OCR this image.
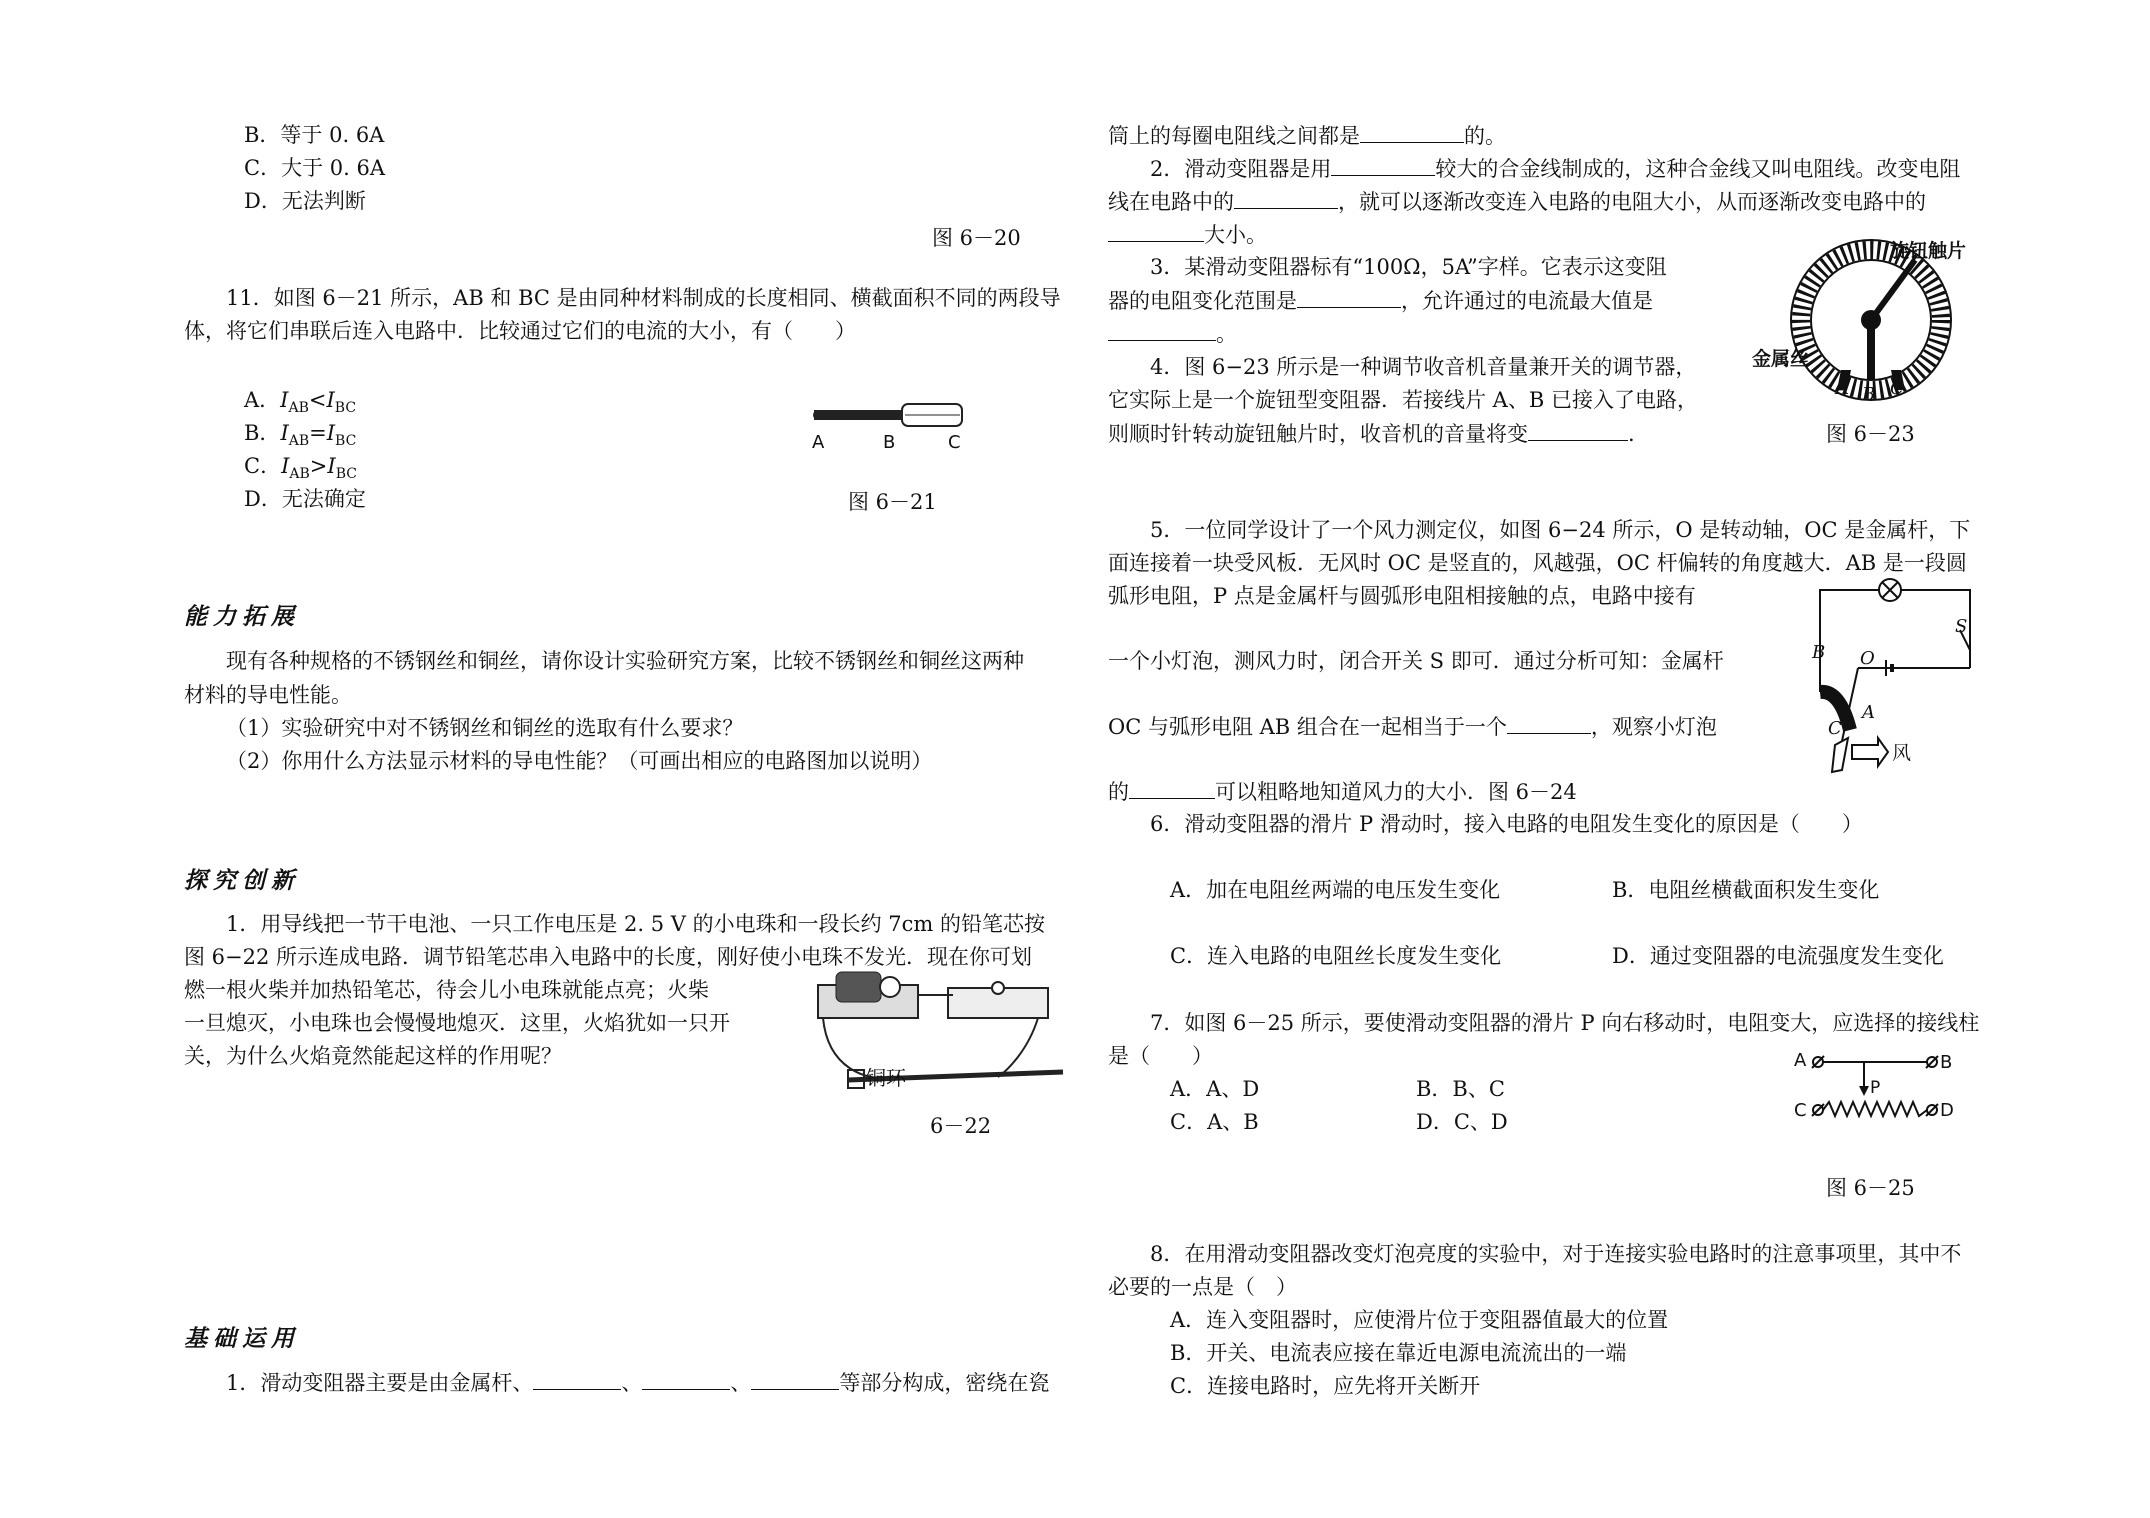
B．等于 0. 6A
C．大于 0. 6A
D．无法判断
图 6－20
11．如图 6－21 所示，AB 和 BC 是由同种材料制成的长度相同、横截面积不同的两段导
体，将它们串联后连入电路中．比较通过它们的电流的大小，有（　　）
A．$I_{AB}<I_{BC}$
B．$I_{AB}=I_{BC}$
C．$I_{AB}>I_{BC}$
D．无法确定
A	B	C
图 6－21
能力拓展
现有各种规格的不锈钢丝和铜丝，请你设计实验研究方案，比较不锈钢丝和铜丝这两种
材料的导电性能。
（1）实验研究中对不锈钢丝和铜丝的选取有什么要求？
（2）你用什么方法显示材料的导电性能？（可画出相应的电路图加以说明）
探究创新
1．用导线把一节干电池、一只工作电压是 2. 5 V 的小电珠和一段长约 7cm 的铅笔芯按
图 6−22 所示连成电路．调节铅笔芯串入电路中的长度，刚好使小电珠不发光．现在你可划
燃一根火柴并加热铅笔芯，待会儿小电珠就能点亮；火柴
一旦熄灭，小电珠也会慢慢地熄灭．这里，火焰犹如一只开
关，为什么火焰竟然能起这样的作用呢？
铜环
6－22
基础运用
1．滑动变阻器主要是由金属杆、	、	、	等部分构成，密绕在瓷
筒上的每圈电阻线之间都是	的。
2．滑动变阻器是用	较大的合金线制成的，这种合金线又叫电阻线。改变电阻
线在电路中的	，就可以逐渐改变连入电路的电阻大小，从而逐渐改变电路中的
大小。
3．某滑动变阻器标有“100Ω，5A”字样。它表示这变阻
器的电阻变化范围是	，允许通过的电流最大值是
。
4．图 6−23 所示是一种调节收音机音量兼开关的调节器，
它实际上是一个旋钮型变阻器．若接线片 A、B 已接入了电路，
则顺时针转动旋钮触片时，收音机的音量将变	.
旋钮触片
金属丝
A B C
图 6－23
5．一位同学设计了一个风力测定仪，如图 6−24 所示，O 是转动轴，OC 是金属杆，下
面连接着一块受风板．无风时 OC 是竖直的，风越强，OC 杆偏转的角度越大．AB 是一段圆
弧形电阻，P 点是金属杆与圆弧形电阻相接触的点，电路中接有
一个小灯泡，测风力时，闭合开关 S 即可．通过分析可知：金属杆
OC 与弧形电阻 AB 组合在一起相当于一个	，观察小灯泡
的	可以粗略地知道风力的大小．图 6－24
S
B O
C
A
风
6．滑动变阻器的滑片 P 滑动时，接入电路的电阻发生变化的原因是（　　）
A．加在电阻丝两端的电压发生变化	B．电阻丝横截面积发生变化
C．连入电路的电阻丝长度发生变化	D．通过变阻器的电流强度发生变化
7．如图 6－25 所示，要使滑动变阻器的滑片 P 向右移动时，电阻变大，应选择的接线柱
是（　　）
A．A、D	B．B、C
C．A、B	D．C、D
A	B
P
C	D
图 6－25
8．在用滑动变阻器改变灯泡亮度的实验中，对于连接实验电路时的注意事项里，其中不
必要的一点是（　）
A．连入变阻器时，应使滑片位于变阻器值最大的位置
B．开关、电流表应接在靠近电源电流流出的一端
C．连接电路时，应先将开关断开
